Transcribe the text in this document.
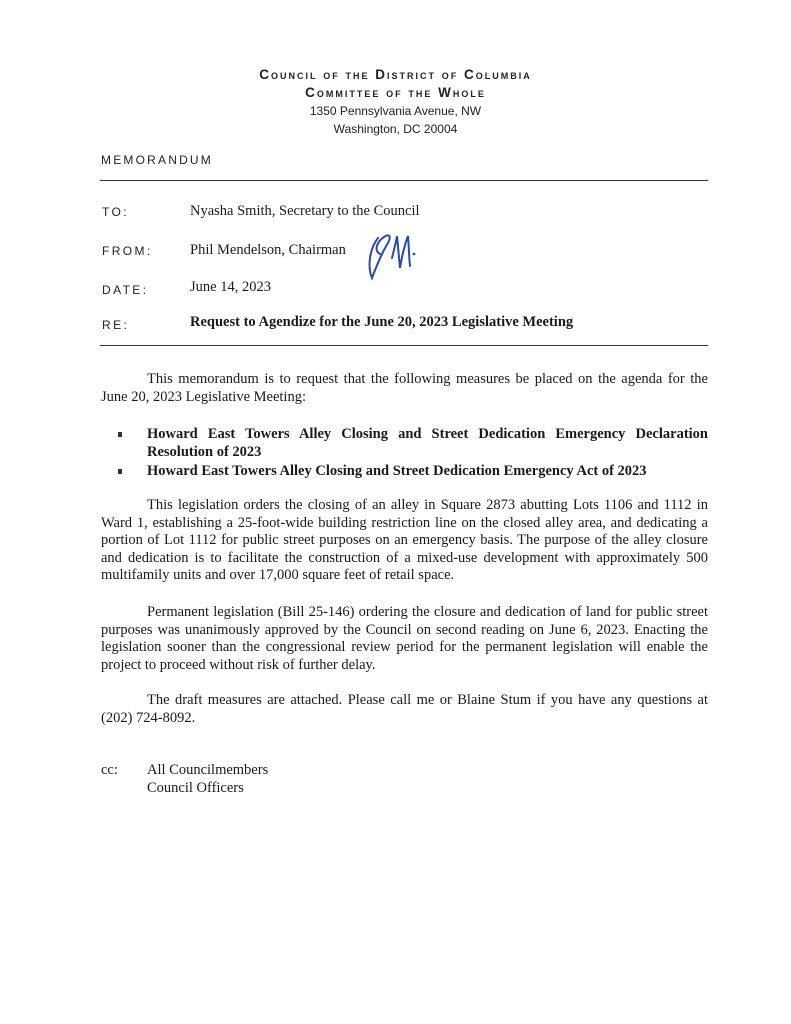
Council of the District of Columbia
Committee of the Whole
1350 Pennsylvania Avenue, NW
Washington, DC 20004
MEMORANDUM
TO:	Nyasha Smith, Secretary to the Council
FROM:	Phil Mendelson, Chairman
DATE:	June 14, 2023
RE:	Request to Agendize for the June 20, 2023 Legislative Meeting

This memorandum is to request that the following measures be placed on the agenda for the June 20, 2023 Legislative Meeting:

Howard East Towers Alley Closing and Street Dedication Emergency Declaration Resolution of 2023
Howard East Towers Alley Closing and Street Dedication Emergency Act of 2023

This legislation orders the closing of an alley in Square 2873 abutting Lots 1106 and 1112 in Ward 1, establishing a 25-foot-wide building restriction line on the closed alley area, and dedicating a portion of Lot 1112 for public street purposes on an emergency basis. The purpose of the alley closure and dedication is to facilitate the construction of a mixed-use development with approximately 500 multifamily units and over 17,000 square feet of retail space.

Permanent legislation (Bill 25-146) ordering the closure and dedication of land for public street purposes was unanimously approved by the Council on second reading on June 6, 2023. Enacting the legislation sooner than the congressional review period for the permanent legislation will enable the project to proceed without risk of further delay.

The draft measures are attached. Please call me or Blaine Stum if you have any questions at (202) 724-8092.

cc: All Councilmembers
Council Officers
